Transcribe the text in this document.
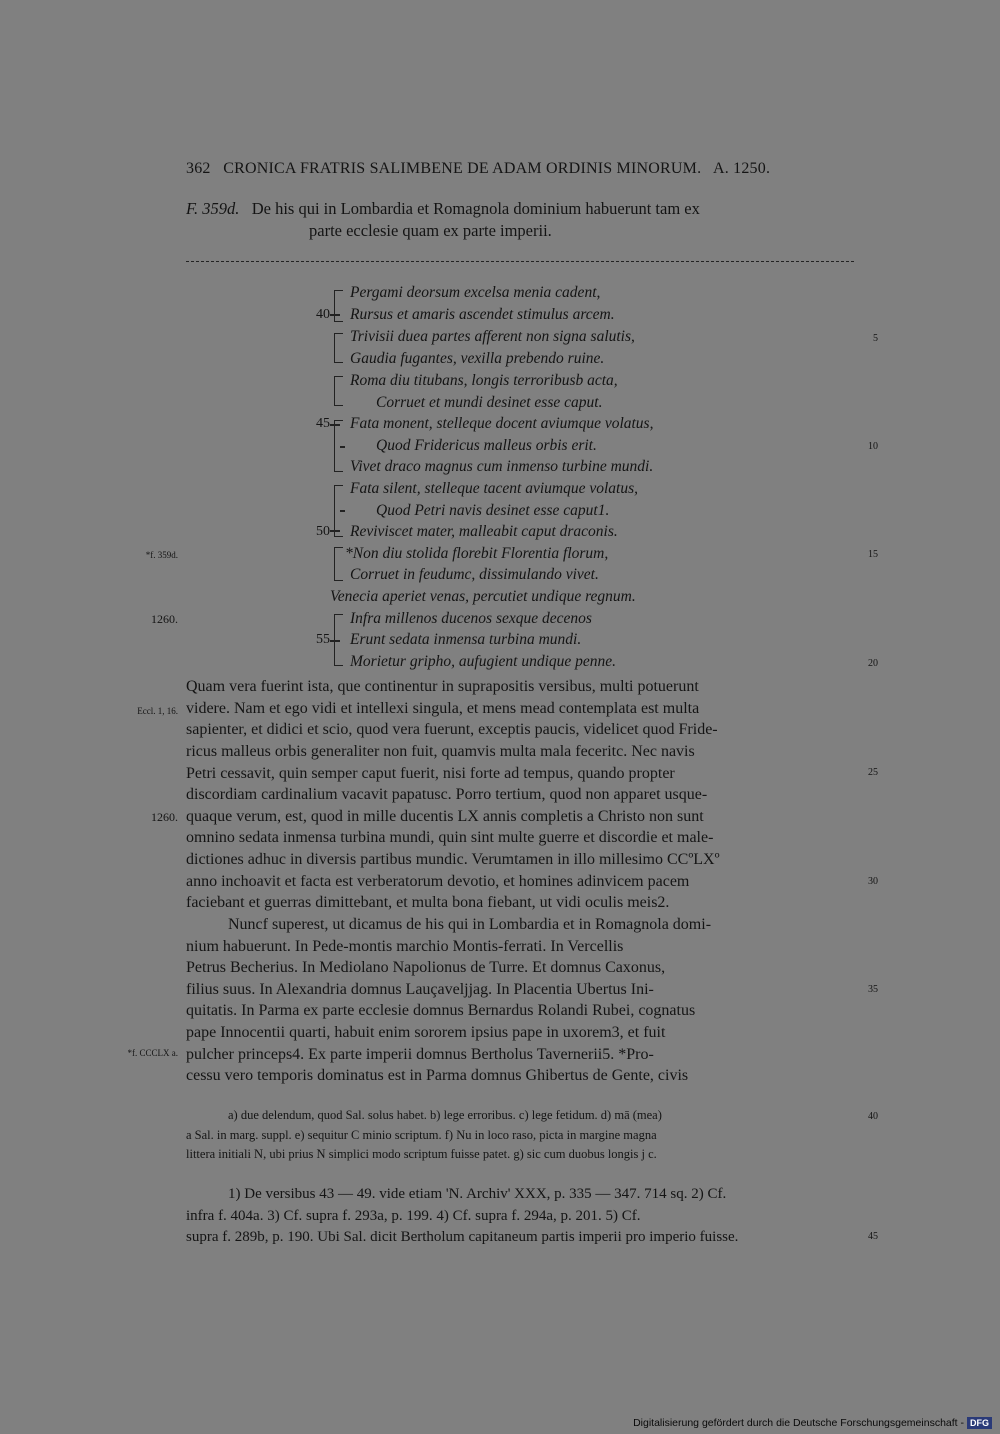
362 CRONICA FRATRIS SALIMBENE DE ADAM ORDINIS MINORUM. A. 1250.
F. 359d. De his qui in Lombardia et Romagnola dominium habuerunt tam ex
parte ecclesie quam ex parte imperii.
Pergami deorsum excelsa menia cadent,
Rursus et amaris ascendet stimulus arcem.
Trivisii duea partes afferent non signa salutis,
Gaudia fugantes, vexilla prebendo ruine.
Roma diu titubans, longis terroribusb acta,
Corruet et mundi desinet esse caput.
Fata monent, stelleque docent aviumque volatus,
Quod Fridericus malleus orbis erit.
Vivet draco magnus cum inmenso turbine mundi.
Fata silent, stelleque tacent aviumque volatus,
Quod Petri navis desinet esse caput1.
Reviviscet mater, malleabit caput draconis.
*Non diu stolida florebit Florentia florum,
Corruet in feudumc, dissimulando vivet.
Venecia aperiet venas, percutiet undique regnum.
Infra millenos ducenos sexque decenos
Erunt sedata inmensa turbina mundi.
Morietur gripho, aufugient undique penne.
40
45
50
55
5
10
15
20
25
30
35
40
45
*f. 359d.
1260.
Eccl. 1, 16.
1260.
*f. CCCLX a.
Quam vera fuerint ista, que continentur in suprapositis versibus, multi potuerunt
videre. Nam et ego vidi et intellexi singula, et mens mead contemplata est multa
sapienter, et didici et scio, quod vera fuerunt, exceptis paucis, videlicet quod Fride-
ricus malleus orbis generaliter non fuit, quamvis multa mala feceritc. Nec navis
Petri cessavit, quin semper caput fuerit, nisi forte ad tempus, quando propter
discordiam cardinalium vacavit papatusc. Porro tertium, quod non apparet usque-
quaque verum, est, quod in mille ducentis LX annis completis a Christo non sunt
omnino sedata inmensa turbina mundi, quin sint multe guerre et discordie et male-
dictiones adhuc in diversis partibus mundic. Verumtamen in illo millesimo CCºLXº
anno inchoavit et facta est verberatorum devotio, et homines adinvicem pacem
faciebant et guerras dimittebant, et multa bona fiebant, ut vidi oculis meis2.
Nuncf superest, ut dicamus de his qui in Lombardia et in Romagnola domi-
nium habuerunt. In Pede-montis marchio Montis-ferrati. In Vercellis
Petrus Becherius. In Mediolano Napolionus de Turre. Et domnus Caxonus,
filius suus. In Alexandria domnus Lauçaveljjag. In Placentia Ubertus Ini-
quitatis. In Parma ex parte ecclesie domnus Bernardus Rolandi Rubei, cognatus
pape Innocentii quarti, habuit enim sororem ipsius pape in uxorem3, et fuit
pulcher princeps4. Ex parte imperii domnus Bertholus Tavernerii5. *Pro-
cessu vero temporis dominatus est in Parma domnus Ghibertus de Gente, civis
a) due delendum, quod Sal. solus habet. b) lege erroribus. c) lege fetidum. d) mā (mea)
a Sal. in marg. suppl. e) sequitur C minio scriptum. f) Nu in loco raso, picta in margine magna
littera initiali N, ubi prius N simplici modo scriptum fuisse patet. g) sic cum duobus longis j c.
1) De versibus 43 — 49. vide etiam 'N. Archiv' XXX, p. 335 — 347. 714 sq. 2) Cf.
infra f. 404a. 3) Cf. supra f. 293a, p. 199. 4) Cf. supra f. 294a, p. 201. 5) Cf.
supra f. 289b, p. 190. Ubi Sal. dicit Bertholum capitaneum partis imperii pro imperio fuisse.
Digitalisierung gefördert durch die Deutsche Forschungsgemeinschaft - DFG
